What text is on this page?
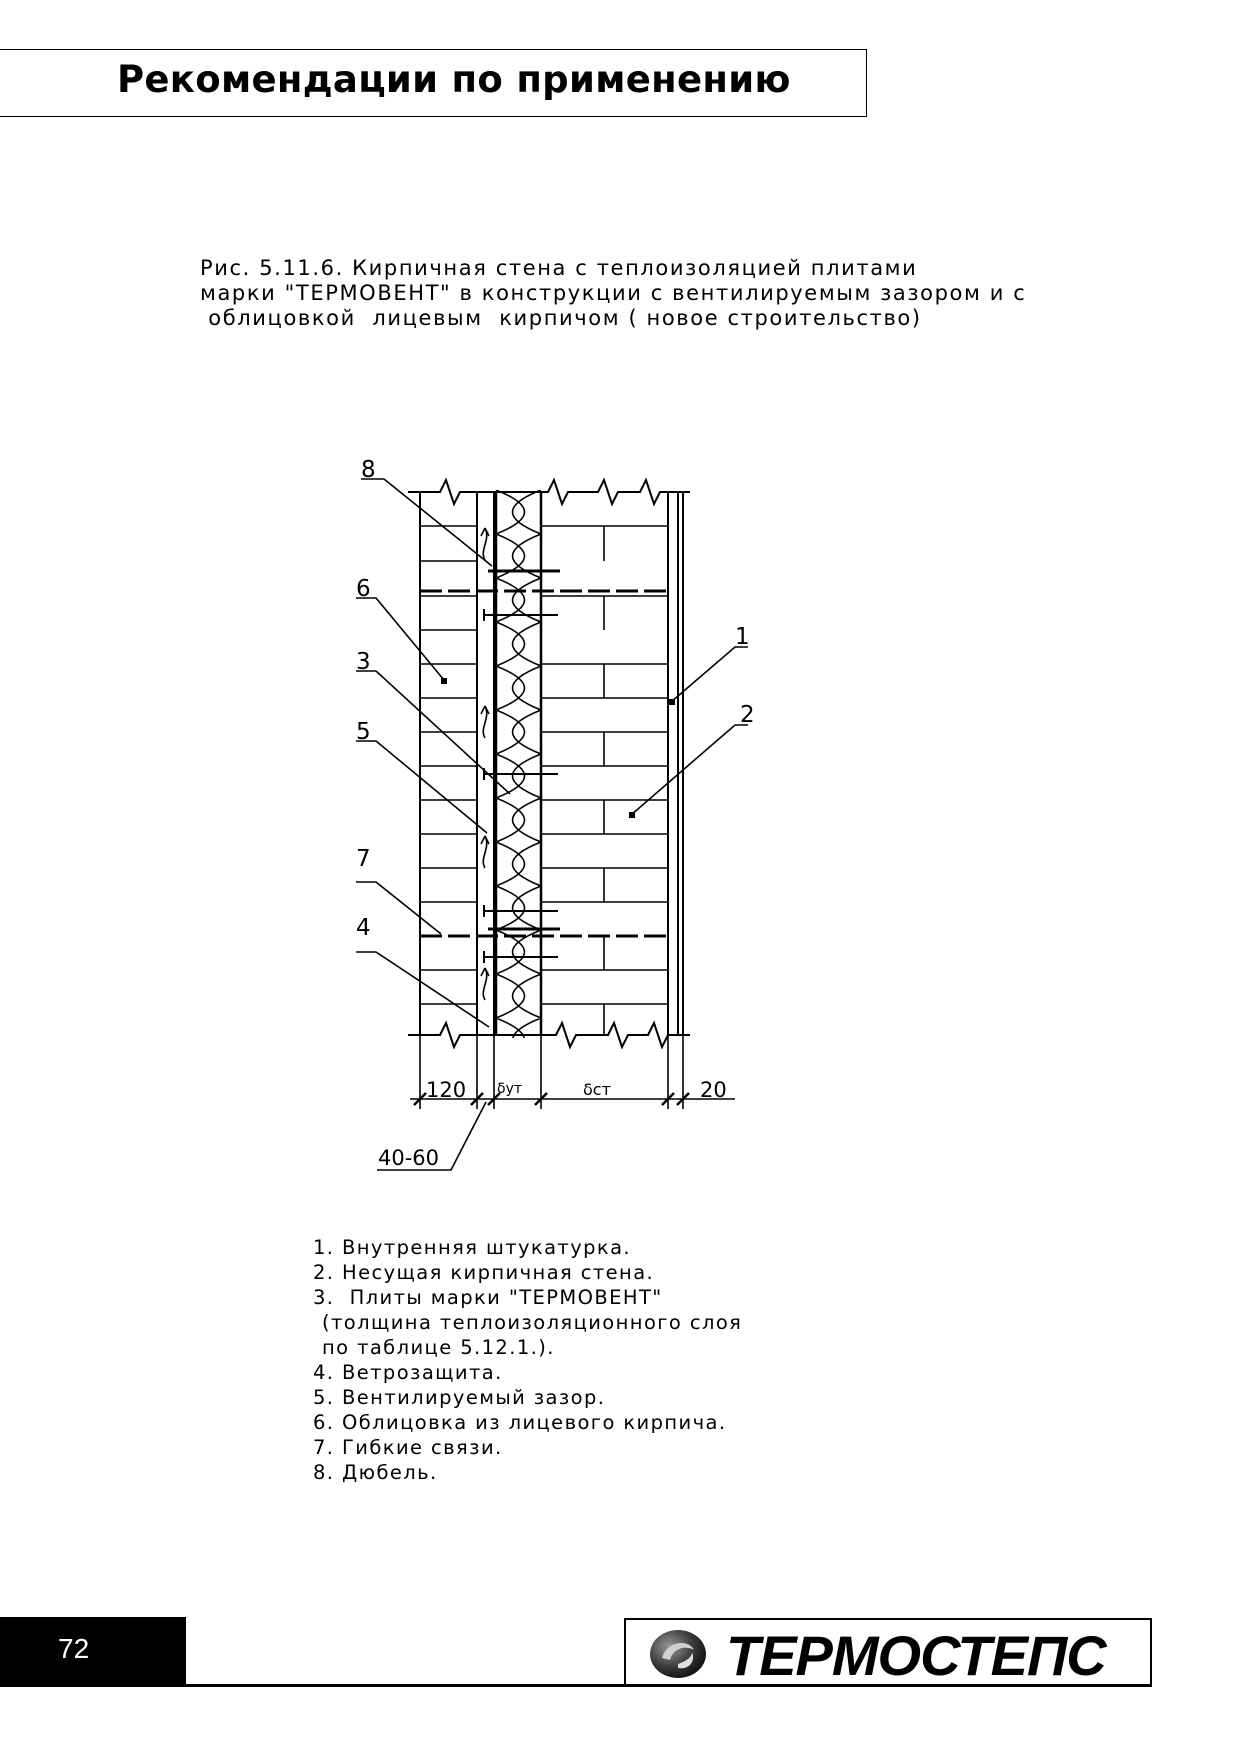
Рекомендации по применению
Рис. 5.11.6. Кирпичная стена с теплоизоляцией плитами
марки "ТЕРМОВЕНТ" в конструкции с вентилируемым зазором и с
облицовкой  лицевым  кирпичом ( новое строительство)
8
6
3
5
7
4
1
2
120 δут	δст	20
40-60
1. Внутренняя штукатурка.
2. Несущая кирпичная стена.
3.  Плиты марки "ТЕРМОВЕНТ"
(толщина теплоизоляционного слоя
по таблице 5.12.1.).
4. Ветрозащита.
5. Вентилируемый зазор.
6. Облицовка из лицевого кирпича.
7. Гибкие связи.
8. Дюбель.
72	ТЕРМОСТЕПС
